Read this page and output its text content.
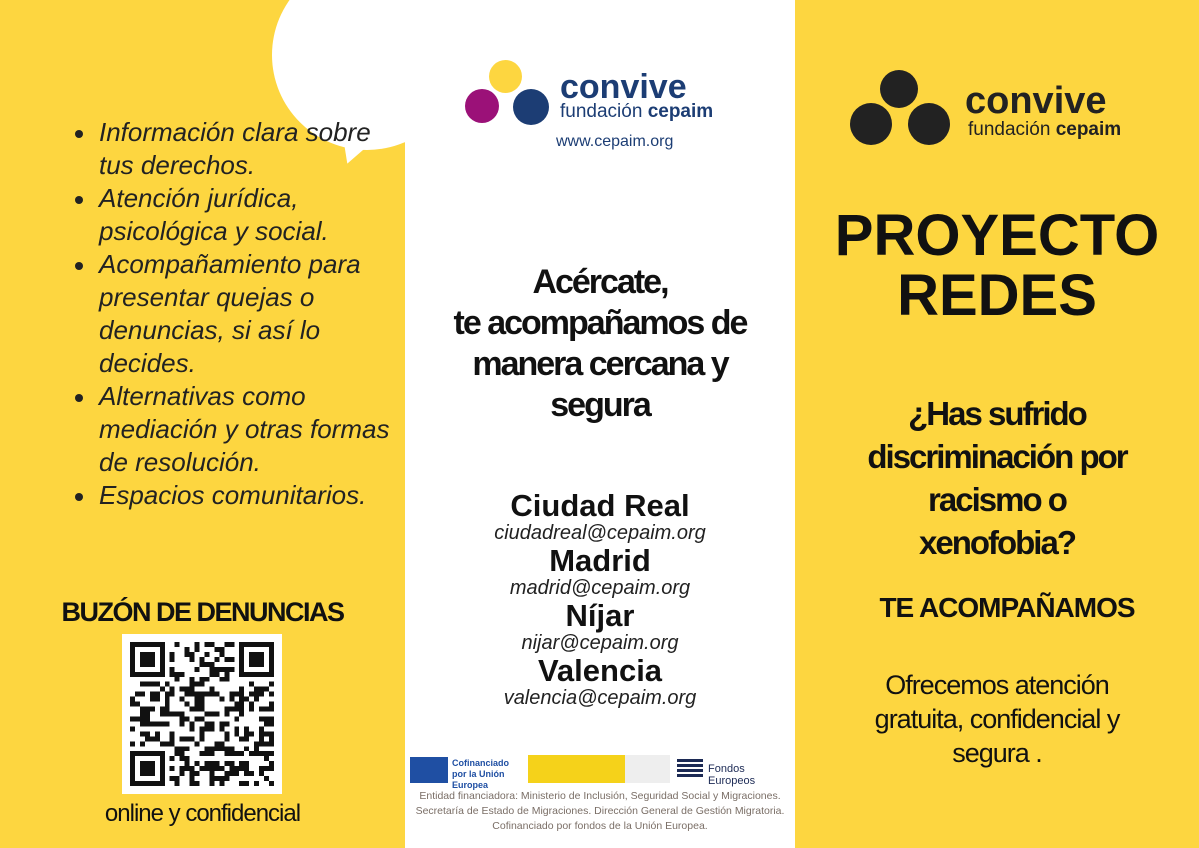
Información clara sobre tus derechos.
Atención jurídica, psicológica y social.
Acompañamiento para presentar quejas o denuncias, si así lo decides.
Alternativas como mediación y otras formas de resolución.
Espacios comunitarios.
BUZÓN DE DENUNCIAS
online y confidencial
convive
fundación cepaim
www.cepaim.org
Acércate,
te acompañamos de
manera cercana y
segura
Ciudad Real
ciudadreal@cepaim.org
Madrid
madrid@cepaim.org
Níjar
nijar@cepaim.org
Valencia
valencia@cepaim.org
Cofinanciado por la Unión Europea
Fondos Europeos
Entidad financiadora: Ministerio de Inclusión, Seguridad Social y Migraciones. Secretaría de Estado de Migraciones. Dirección General de Gestión Migratoria. Cofinanciado por fondos de la Unión Europea.
convive
fundación cepaim
PROYECTO
REDES
¿Has sufrido
discriminación por
racismo o
xenofobia?
TE ACOMPAÑAMOS
Ofrecemos atención
gratuita, confidencial y
segura .
